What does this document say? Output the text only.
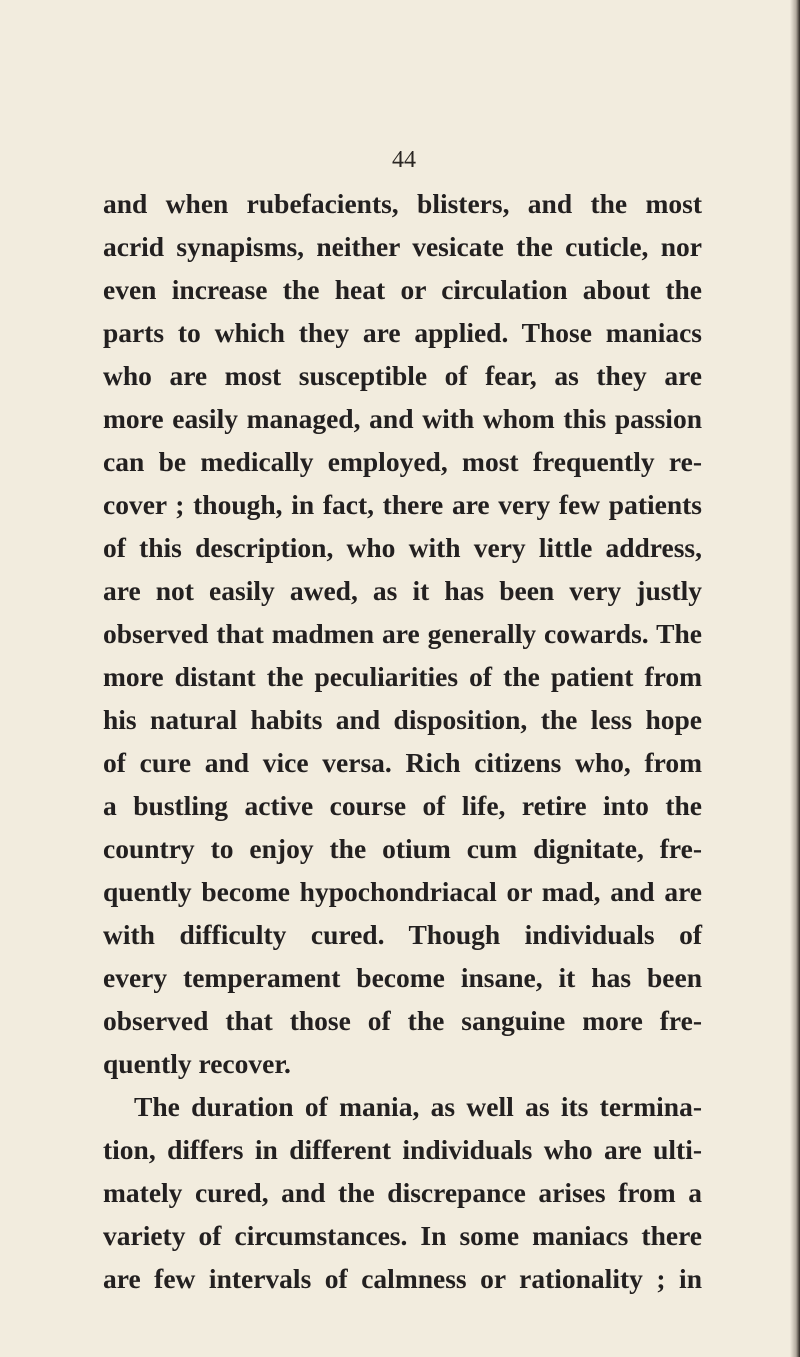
44

and when rubefacients, blisters, and the most

acrid synapisms, neither vesicate the cuticle, nor

even increase the heat or circulation about the

parts to which they are applied. Those maniacs

who are most susceptible of fear, as they are

more easily managed, and with whom this passion

can be medically employed, most frequently re-

cover ; though, in fact, there are very few patients

of this description, who with very little address,

are not easily awed, as it has been very justly

observed that madmen are generally cowards. The

more distant the peculiarities of the patient from

his natural habits and disposition, the less hope

of cure and vice versa. Rich citizens who, from

a bustling active course of life, retire into the

country to enjoy the otium cum dignitate, fre-

quently become hypochondriacal or mad, and are

with difficulty cured. Though individuals of

every temperament become insane, it has been

observed that those of the sanguine more fre-

quently recover.

The duration of mania, as well as its termina-

tion, differs in different individuals who are ulti-

mately cured, and the discrepance arises from a

variety of circumstances. In some maniacs there

are few intervals of calmness or rationality ; in
